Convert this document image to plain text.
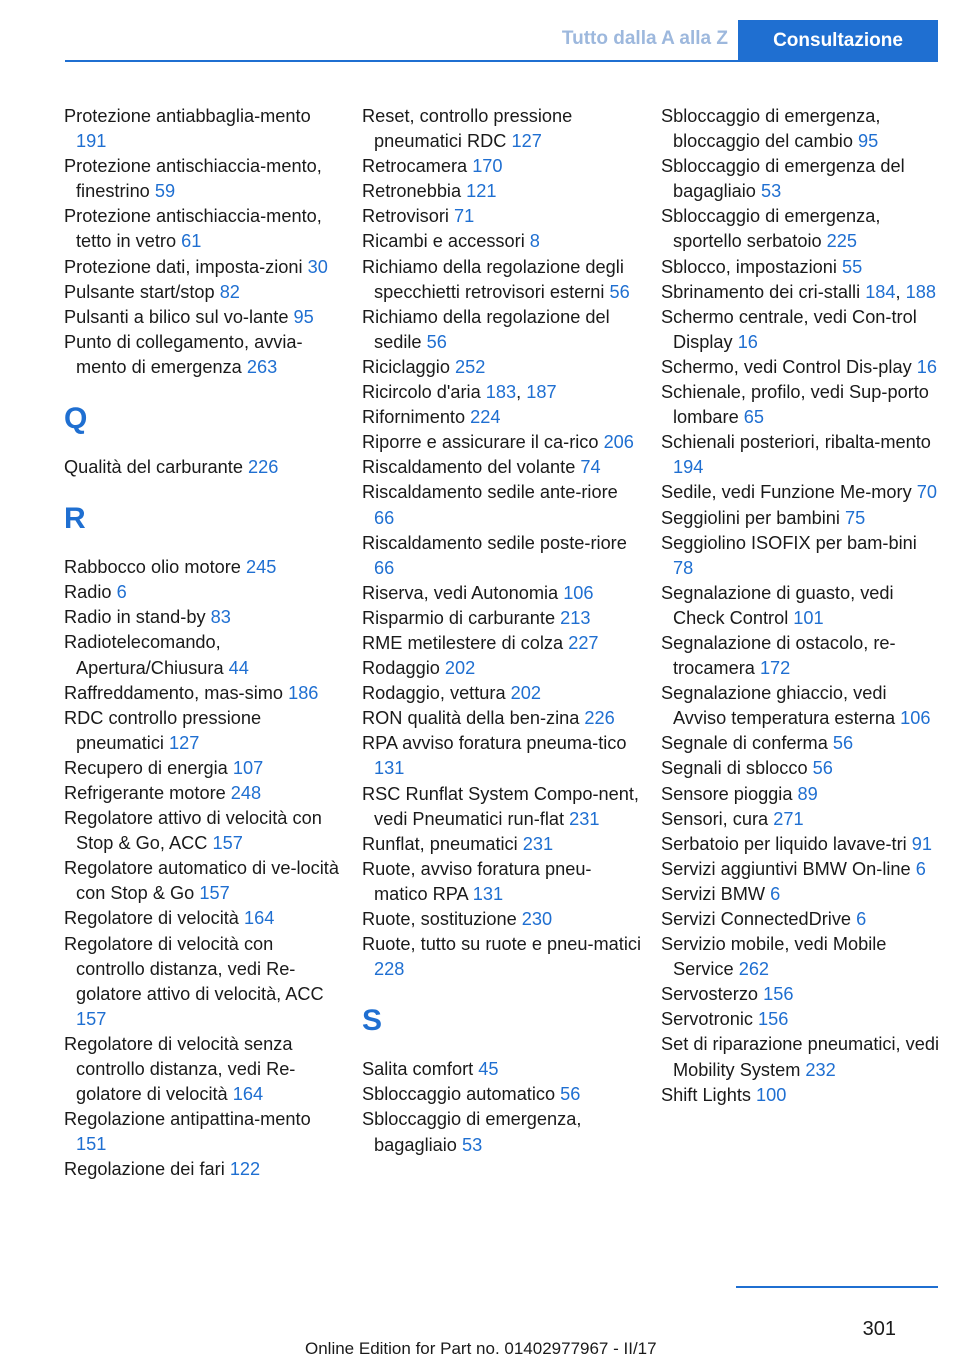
Tutto dalla A alla Z	Consultazione
Protezione antiabbaglia-mento 191
Protezione antischiaccia-mento, finestrino 59
Protezione antischiaccia-mento, tetto in vetro 61
Protezione dati, imposta-zioni 30
Pulsante start/stop 82
Pulsanti a bilico sul vo-lante 95
Punto di collegamento, avvia-mento di emergenza 263
Q
Qualità del carburante 226
R
Rabbocco olio motore 245
Radio 6
Radio in stand-by 83
Radiotelecomando, Apertura/Chiusura 44
Raffreddamento, mas-simo 186
RDC controllo pressione pneumatici 127
Recupero di energia 107
Refrigerante motore 248
Regolatore attivo di velocità con Stop & Go, ACC 157
Regolatore automatico di ve-locità con Stop & Go 157
Regolatore di velocità 164
Regolatore di velocità con controllo distanza, vedi Re-golatore attivo di velocità, ACC 157
Regolatore di velocità senza controllo distanza, vedi Re-golatore di velocità 164
Regolazione antipattina-mento 151
Regolazione dei fari 122
Reset, controllo pressione pneumatici RDC 127
Retrocamera 170
Retronebbia 121
Retrovisori 71
Ricambi e accessori 8
Richiamo della regolazione degli specchietti retrovisori esterni 56
Richiamo della regolazione del sedile 56
Riciclaggio 252
Ricircolo d'aria 183, 187
Rifornimento 224
Riporre e assicurare il ca-rico 206
Riscaldamento del volante 74
Riscaldamento sedile ante-riore 66
Riscaldamento sedile poste-riore 66
Riserva, vedi Autonomia 106
Risparmio di carburante 213
RME metilestere di colza 227
Rodaggio 202
Rodaggio, vettura 202
RON qualità della ben-zina 226
RPA avviso foratura pneuma-tico 131
RSC Runflat System Compo-nent, vedi Pneumatici run-flat 231
Runflat, pneumatici 231
Ruote, avviso foratura pneu-matico RPA 131
Ruote, sostituzione 230
Ruote, tutto su ruote e pneu-matici 228
S
Salita comfort 45
Sbloccaggio automatico 56
Sbloccaggio di emergenza, bagagliaio 53
Sbloccaggio di emergenza, bloccaggio del cambio 95
Sbloccaggio di emergenza del bagagliaio 53
Sbloccaggio di emergenza, sportello serbatoio 225
Sblocco, impostazioni 55
Sbrinamento dei cri-stalli 184, 188
Schermo centrale, vedi Con-trol Display 16
Schermo, vedi Control Dis-play 16
Schienale, profilo, vedi Sup-porto lombare 65
Schienali posteriori, ribalta-mento 194
Sedile, vedi Funzione Me-mory 70
Seggiolini per bambini 75
Seggiolino ISOFIX per bam-bini 78
Segnalazione di guasto, vedi Check Control 101
Segnalazione di ostacolo, re-trocamera 172
Segnalazione ghiaccio, vedi Avviso temperatura esterna 106
Segnale di conferma 56
Segnali di sblocco 56
Sensore pioggia 89
Sensori, cura 271
Serbatoio per liquido lavave-tri 91
Servizi aggiuntivi BMW On-line 6
Servizi BMW 6
Servizi ConnectedDrive 6
Servizio mobile, vedi Mobile Service 262
Servosterzo 156
Servotronic 156
Set di riparazione pneumatici, vedi Mobility System 232
Shift Lights 100
301
Online Edition for Part no. 01402977967 - II/17
